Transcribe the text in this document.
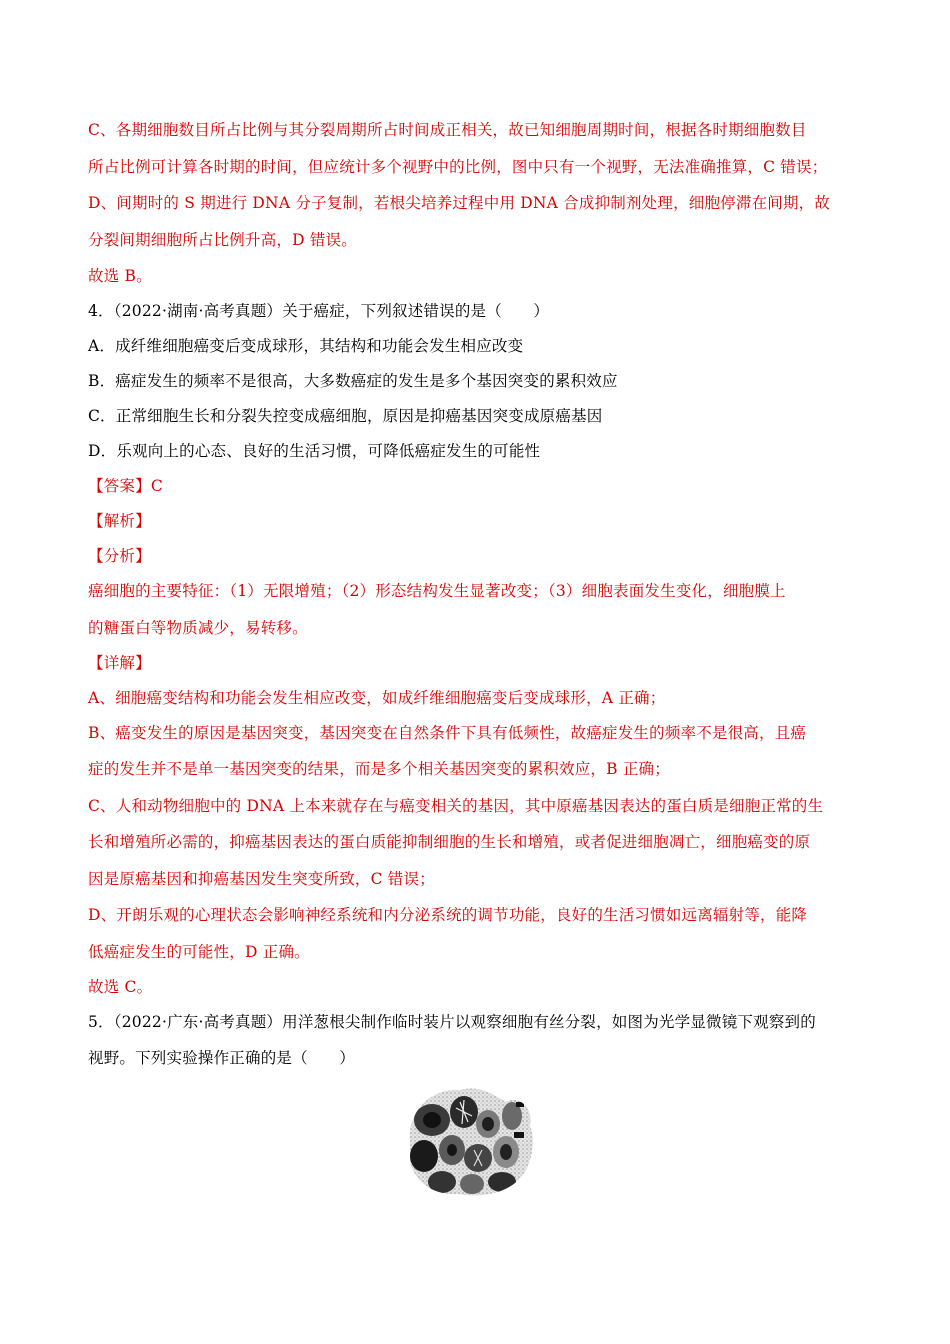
C、各期细胞数目所占比例与其分裂周期所占时间成正相关，故已知细胞周期时间，根据各时期细胞数目
所占比例可计算各时期的时间，但应统计多个视野中的比例，图中只有一个视野，无法准确推算，C 错误；
D、间期时的 S 期进行 DNA 分子复制，若根尖培养过程中用 DNA 合成抑制剂处理，细胞停滞在间期，故
分裂间期细胞所占比例升高，D 错误。
故选 B。
4．（2022·湖南·高考真题）关于癌症，下列叙述错误的是（　　）
A．成纤维细胞癌变后变成球形，其结构和功能会发生相应改变
B．癌症发生的频率不是很高，大多数癌症的发生是多个基因突变的累积效应
C．正常细胞生长和分裂失控变成癌细胞，原因是抑癌基因突变成原癌基因
D．乐观向上的心态、良好的生活习惯，可降低癌症发生的可能性
【答案】C
【解析】
【分析】
癌细胞的主要特征：（1）无限增殖；（2）形态结构发生显著改变；（3）细胞表面发生变化，细胞膜上
的糖蛋白等物质减少，易转移。
【详解】
A、细胞癌变结构和功能会发生相应改变，如成纤维细胞癌变后变成球形，A 正确；
B、癌变发生的原因是基因突变，基因突变在自然条件下具有低频性，故癌症发生的频率不是很高，且癌
症的发生并不是单一基因突变的结果，而是多个相关基因突变的累积效应，B 正确；
C、人和动物细胞中的 DNA 上本来就存在与癌变相关的基因，其中原癌基因表达的蛋白质是细胞正常的生
长和增殖所必需的，抑癌基因表达的蛋白质能抑制细胞的生长和增殖，或者促进细胞凋亡，细胞癌变的原
因是原癌基因和抑癌基因发生突变所致，C 错误；
D、开朗乐观的心理状态会影响神经系统和内分泌系统的调节功能，良好的生活习惯如远离辐射等，能降
低癌症发生的可能性，D 正确。
故选 C。
5．（2022·广东·高考真题）用洋葱根尖制作临时装片以观察细胞有丝分裂，如图为光学显微镜下观察到的
视野。下列实验操作正确的是（　　）
